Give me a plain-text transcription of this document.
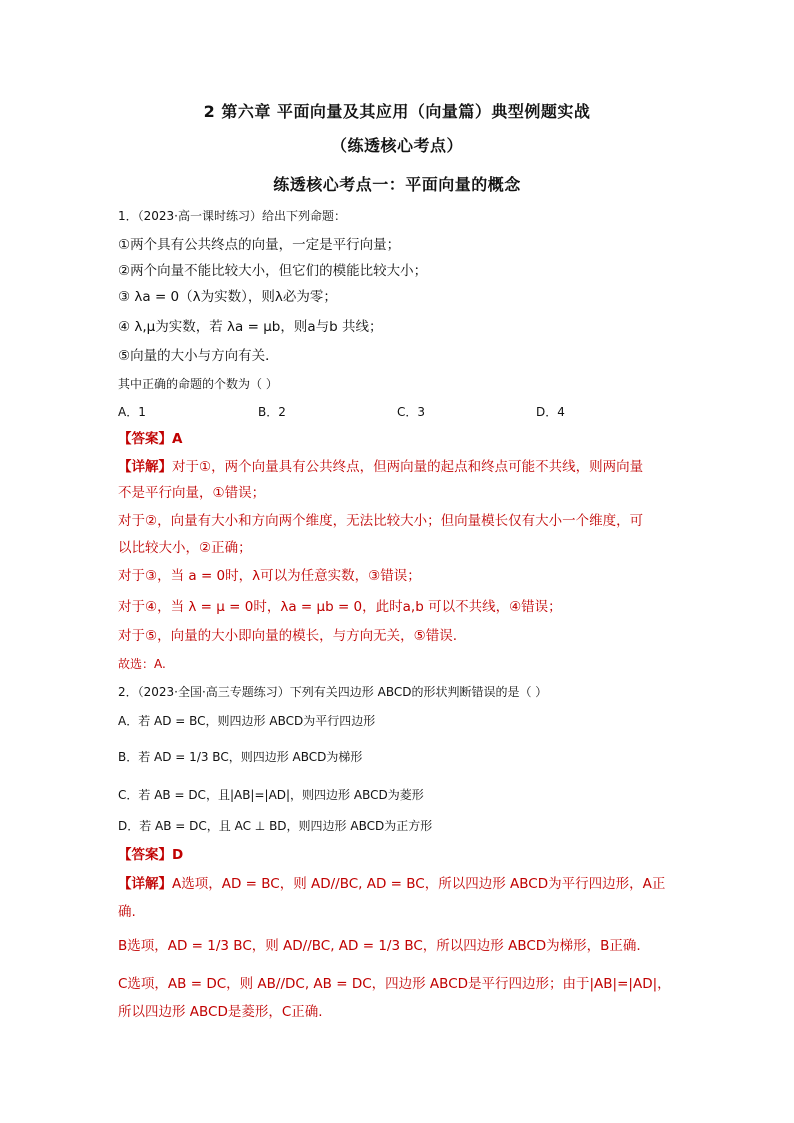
2 第六章 平面向量及其应用（向量篇）典型例题实战
（练透核心考点）
练透核心考点一：平面向量的概念
1．（2023·高一课时练习）给出下列命题：
①两个具有公共终点的向量，一定是平行向量；
②两个向量不能比较大小，但它们的模能比较大小；
③ λa = 0（λ为实数），则λ必为零；
④ λ,μ为实数，若 λa = μb，则a与b 共线；
⑤向量的大小与方向有关．
其中正确的命题的个数为（ ）
A．1	B．2	C．3	D．4
【答案】A
【详解】对于①，两个向量具有公共终点，但两向量的起点和终点可能不共线，则两向量
不是平行向量，①错误；
对于②，向量有大小和方向两个维度，无法比较大小；但向量模长仅有大小一个维度，可
以比较大小，②正确；
对于③，当 a = 0时，λ可以为任意实数，③错误；
对于④，当 λ = μ = 0时，λa = μb = 0，此时a,b 可以不共线，④错误；
对于⑤，向量的大小即向量的模长，与方向无关，⑤错误.
故选：A.
2．（2023·全国·高三专题练习）下列有关四边形 ABCD的形状判断错误的是（ ）
A．若 AD = BC，则四边形 ABCD为平行四边形
B．若 AD = 1/3 BC，则四边形 ABCD为梯形
C．若 AB = DC，且|AB|=|AD|，则四边形 ABCD为菱形
D．若 AB = DC，且 AC ⊥ BD，则四边形 ABCD为正方形
【答案】D
【详解】A选项，AD = BC，则 AD//BC, AD = BC，所以四边形 ABCD为平行四边形，A正
确.
B选项，AD = 1/3 BC，则 AD//BC, AD = 1/3 BC，所以四边形 ABCD为梯形，B正确.
C选项，AB = DC，则 AB//DC, AB = DC，四边形 ABCD是平行四边形；由于|AB|=|AD|，
所以四边形 ABCD是菱形，C正确.
